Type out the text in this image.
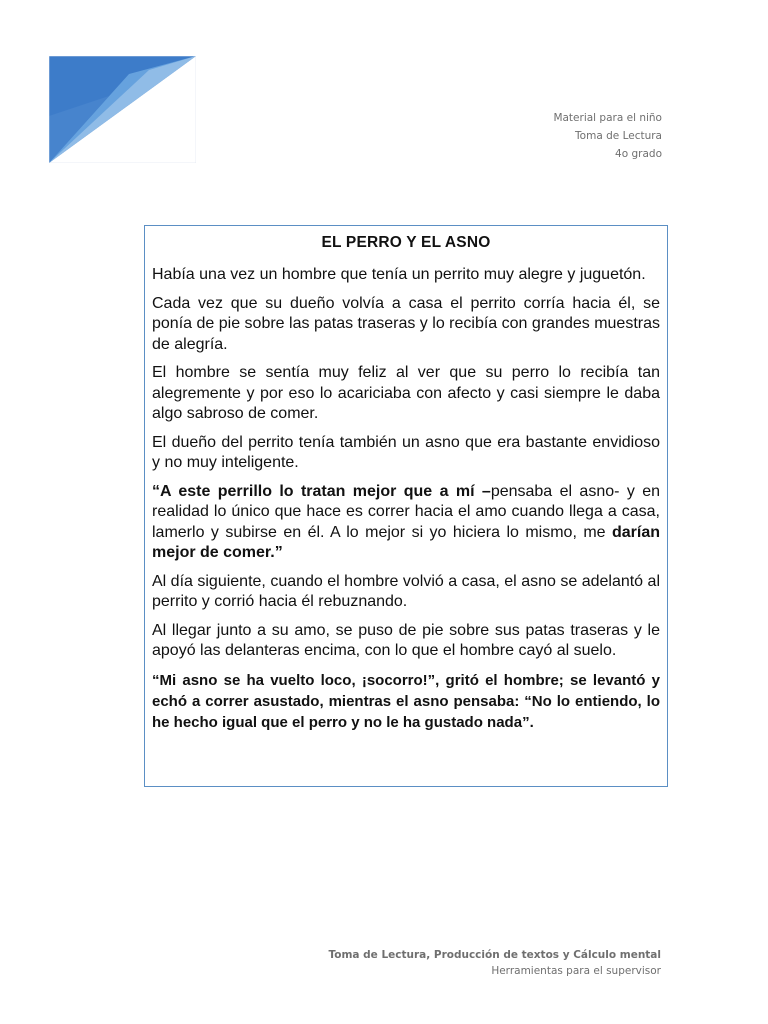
Material para el niño
Toma de Lectura
4o grado
EL PERRO Y EL ASNO

Había una vez un hombre que tenía un perrito muy alegre y juguetón.

Cada vez que su dueño volvía a casa el perrito corría hacia él, se ponía de pie sobre las patas traseras y lo recibía con grandes muestras de alegría.

El hombre se sentía muy feliz al ver que su perro lo recibía tan alegremente y por eso lo acariciaba con afecto y casi siempre le daba algo sabroso de comer.

El dueño del perrito tenía también un asno que era bastante envidioso y no muy inteligente.

“A este perrillo lo tratan mejor que a mí –pensaba el asno- y en realidad lo único que hace es correr hacia el amo cuando llega a casa, lamerlo y subirse en él. A lo mejor si yo hiciera lo mismo, me darían mejor de comer.”

Al día siguiente, cuando el hombre volvió a casa, el asno se adelantó al perrito y corrió hacia él rebuznando.

Al llegar junto a su amo, se puso de pie sobre sus patas traseras y le apoyó las delanteras encima, con lo que el hombre cayó al suelo.

“Mi asno se ha vuelto loco, ¡socorro!”, gritó el hombre; se levantó y echó a correr asustado, mientras el asno pensaba: “No lo entiendo, lo he hecho igual que el perro y no le ha gustado nada”.

Toma de Lectura, Producción de textos y Cálculo mental
Herramientas para el supervisor
